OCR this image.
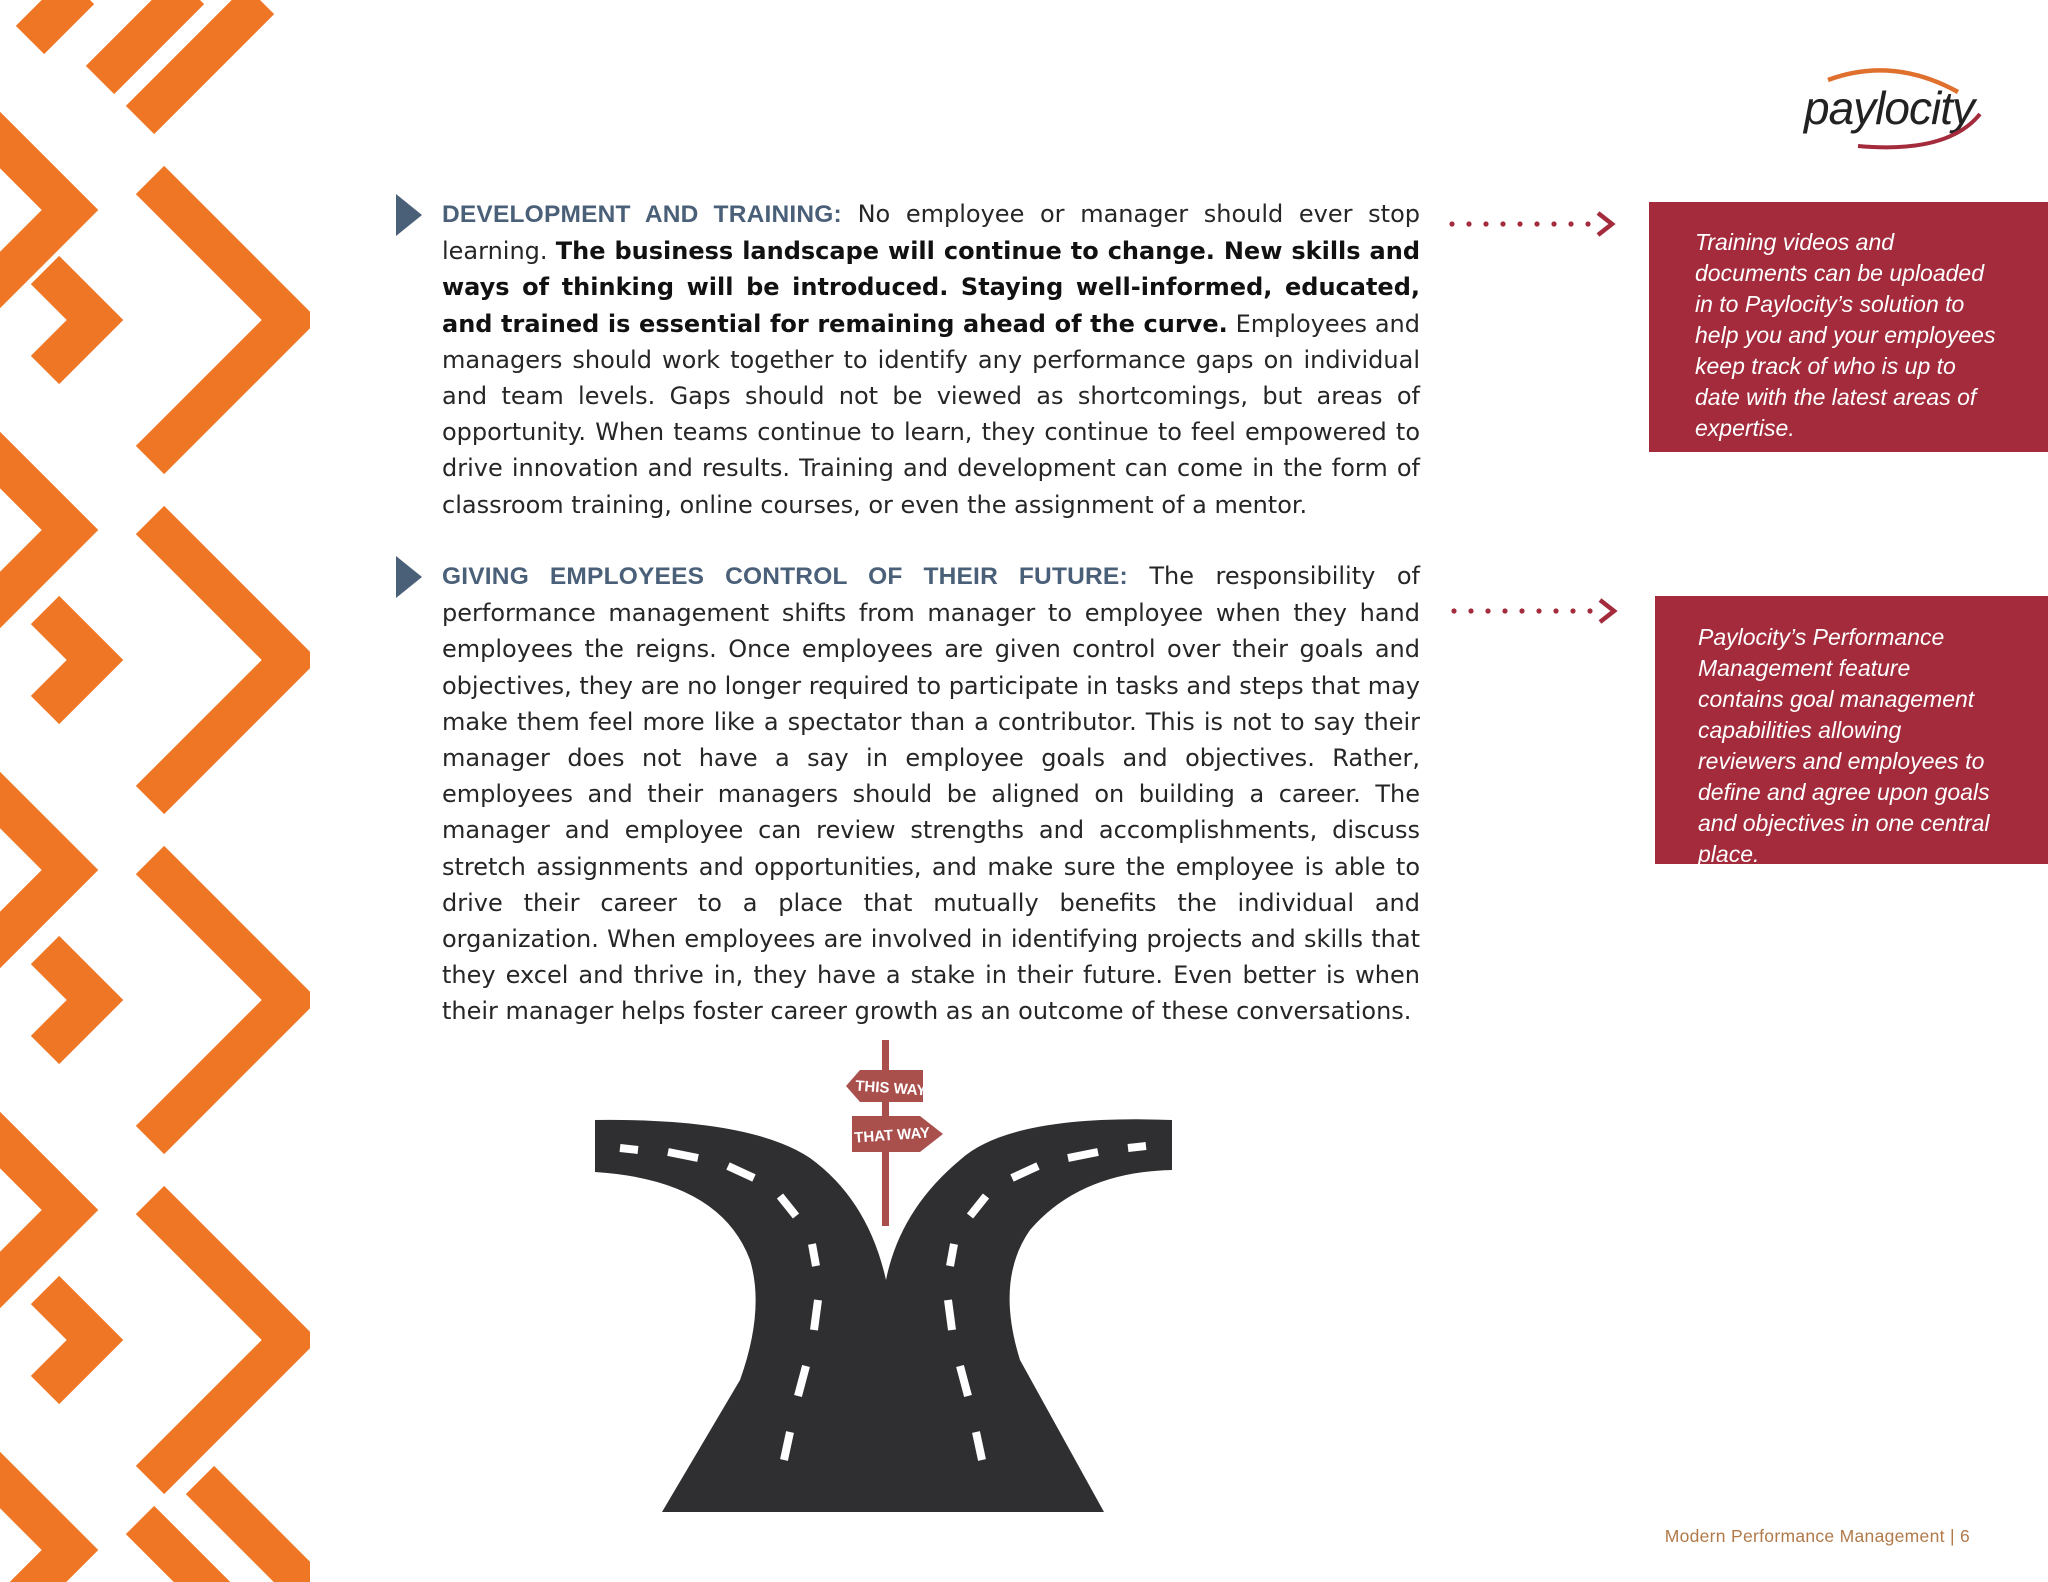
paylocity

DEVELOPMENT AND TRAINING: No employee or manager should ever stop learning. The business landscape will continue to change. New skills and ways of thinking will be introduced. Staying well-informed, educated, and trained is essential for remaining ahead of the curve. Employees and managers should work together to identify any performance gaps on individual and team levels. Gaps should not be viewed as shortcomings, but areas of opportunity. When teams continue to learn, they continue to feel empowered to drive innovation and results. Training and development can come in the form of classroom training, online courses, or even the assignment of a mentor.

Training videos and documents can be uploaded in to Paylocity’s solution to help you and your employees keep track of who is up to date with the latest areas of expertise.

GIVING EMPLOYEES CONTROL OF THEIR FUTURE: The responsibility of performance management shifts from manager to employee when they hand employees the reigns. Once employees are given control over their goals and objectives, they are no longer required to participate in tasks and steps that may make them feel more like a spectator than a contributor. This is not to say their manager does not have a say in employee goals and objectives. Rather, employees and their managers should be aligned on building a career. The manager and employee can review strengths and accomplishments, discuss stretch assignments and opportunities, and make sure the employee is able to drive their career to a place that mutually benefits the individual and organization. When employees are involved in identifying projects and skills that they excel and thrive in, they have a stake in their future. Even better is when their manager helps foster career growth as an outcome of these conversations.

Paylocity’s Performance Management feature contains goal management capabilities allowing reviewers and employees to define and agree upon goals and objectives in one central place.
THIS WAY
THAT WAY
Modern Performance Management | 6
